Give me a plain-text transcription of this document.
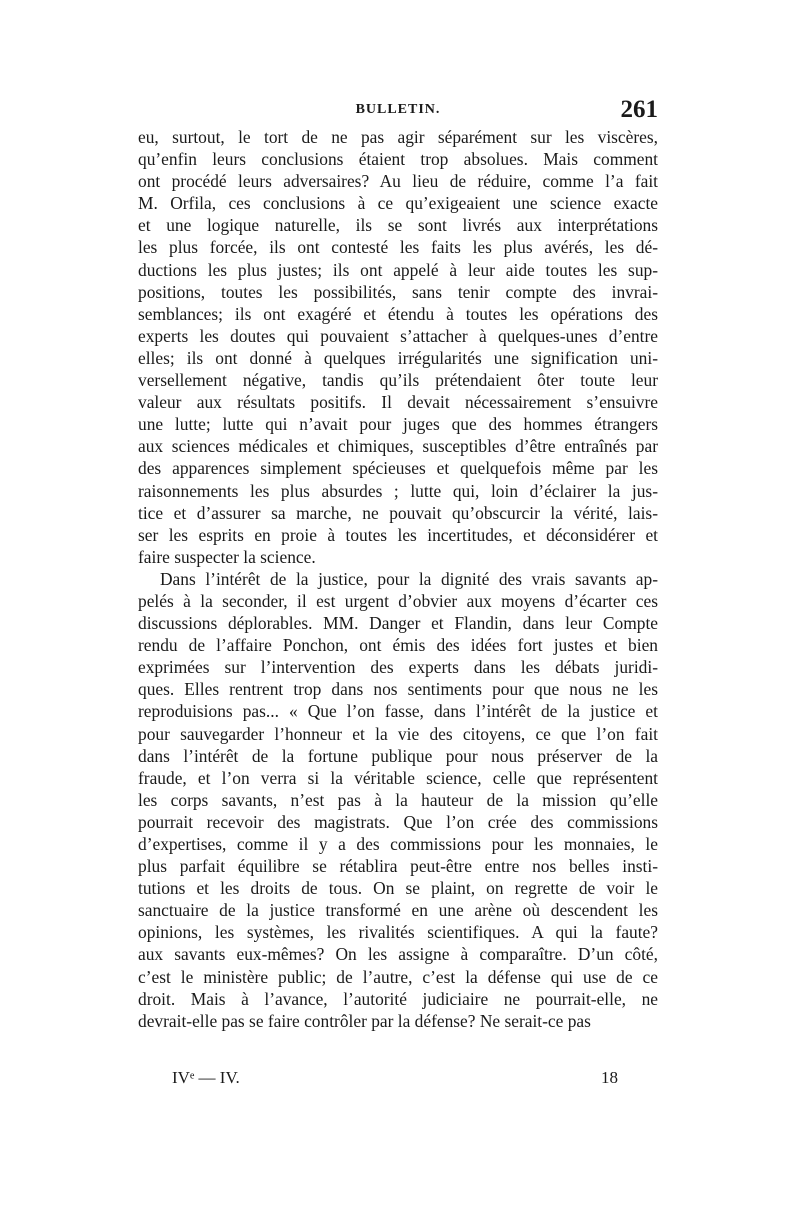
BULLETIN.	261
eu, surtout, le tort de ne pas agir séparément sur les viscères,
qu’enfin leurs conclusions étaient trop absolues. Mais comment
ont procédé leurs adversaires? Au lieu de réduire, comme l’a fait
M. Orfila, ces conclusions à ce qu’exigeaient une science exacte
et une logique naturelle, ils se sont livrés aux interprétations
les plus forcée, ils ont contesté les faits les plus avérés, les dé-
ductions les plus justes; ils ont appelé à leur aide toutes les sup-
positions, toutes les possibilités, sans tenir compte des invrai-
semblances; ils ont exagéré et étendu à toutes les opérations des
experts les doutes qui pouvaient s’attacher à quelques-unes d’entre
elles; ils ont donné à quelques irrégularités une signification uni-
versellement négative, tandis qu’ils prétendaient ôter toute leur
valeur aux résultats positifs. Il devait nécessairement s’ensuivre
une lutte; lutte qui n’avait pour juges que des hommes étrangers
aux sciences médicales et chimiques, susceptibles d’être entraînés par
des apparences simplement spécieuses et quelquefois même par les
raisonnements les plus absurdes ; lutte qui, loin d’éclairer la jus-
tice et d’assurer sa marche, ne pouvait qu’obscurcir la vérité, lais-
ser les esprits en proie à toutes les incertitudes, et déconsidérer et
faire suspecter la science.
Dans l’intérêt de la justice, pour la dignité des vrais savants ap-
pelés à la seconder, il est urgent d’obvier aux moyens d’écarter ces
discussions déplorables. MM. Danger et Flandin, dans leur Compte
rendu de l’affaire Ponchon, ont émis des idées fort justes et bien
exprimées sur l’intervention des experts dans les débats juridi-
ques. Elles rentrent trop dans nos sentiments pour que nous ne les
reproduisions pas... « Que l’on fasse, dans l’intérêt de la justice et
pour sauvegarder l’honneur et la vie des citoyens, ce que l’on fait
dans l’intérêt de la fortune publique pour nous préserver de la
fraude, et l’on verra si la véritable science, celle que représentent
les corps savants, n’est pas à la hauteur de la mission qu’elle
pourrait recevoir des magistrats. Que l’on crée des commissions
d’expertises, comme il y a des commissions pour les monnaies, le
plus parfait équilibre se rétablira peut-être entre nos belles insti-
tutions et les droits de tous. On se plaint, on regrette de voir le
sanctuaire de la justice transformé en une arène où descendent les
opinions, les systèmes, les rivalités scientifiques. A qui la faute?
aux savants eux-mêmes? On les assigne à comparaître. D’un côté,
c’est le ministère public; de l’autre, c’est la défense qui use de ce
droit. Mais à l’avance, l’autorité judiciaire ne pourrait-elle, ne
devrait-elle pas se faire contrôler par la défense? Ne serait-ce pas
IVᵉ — IV.	18
